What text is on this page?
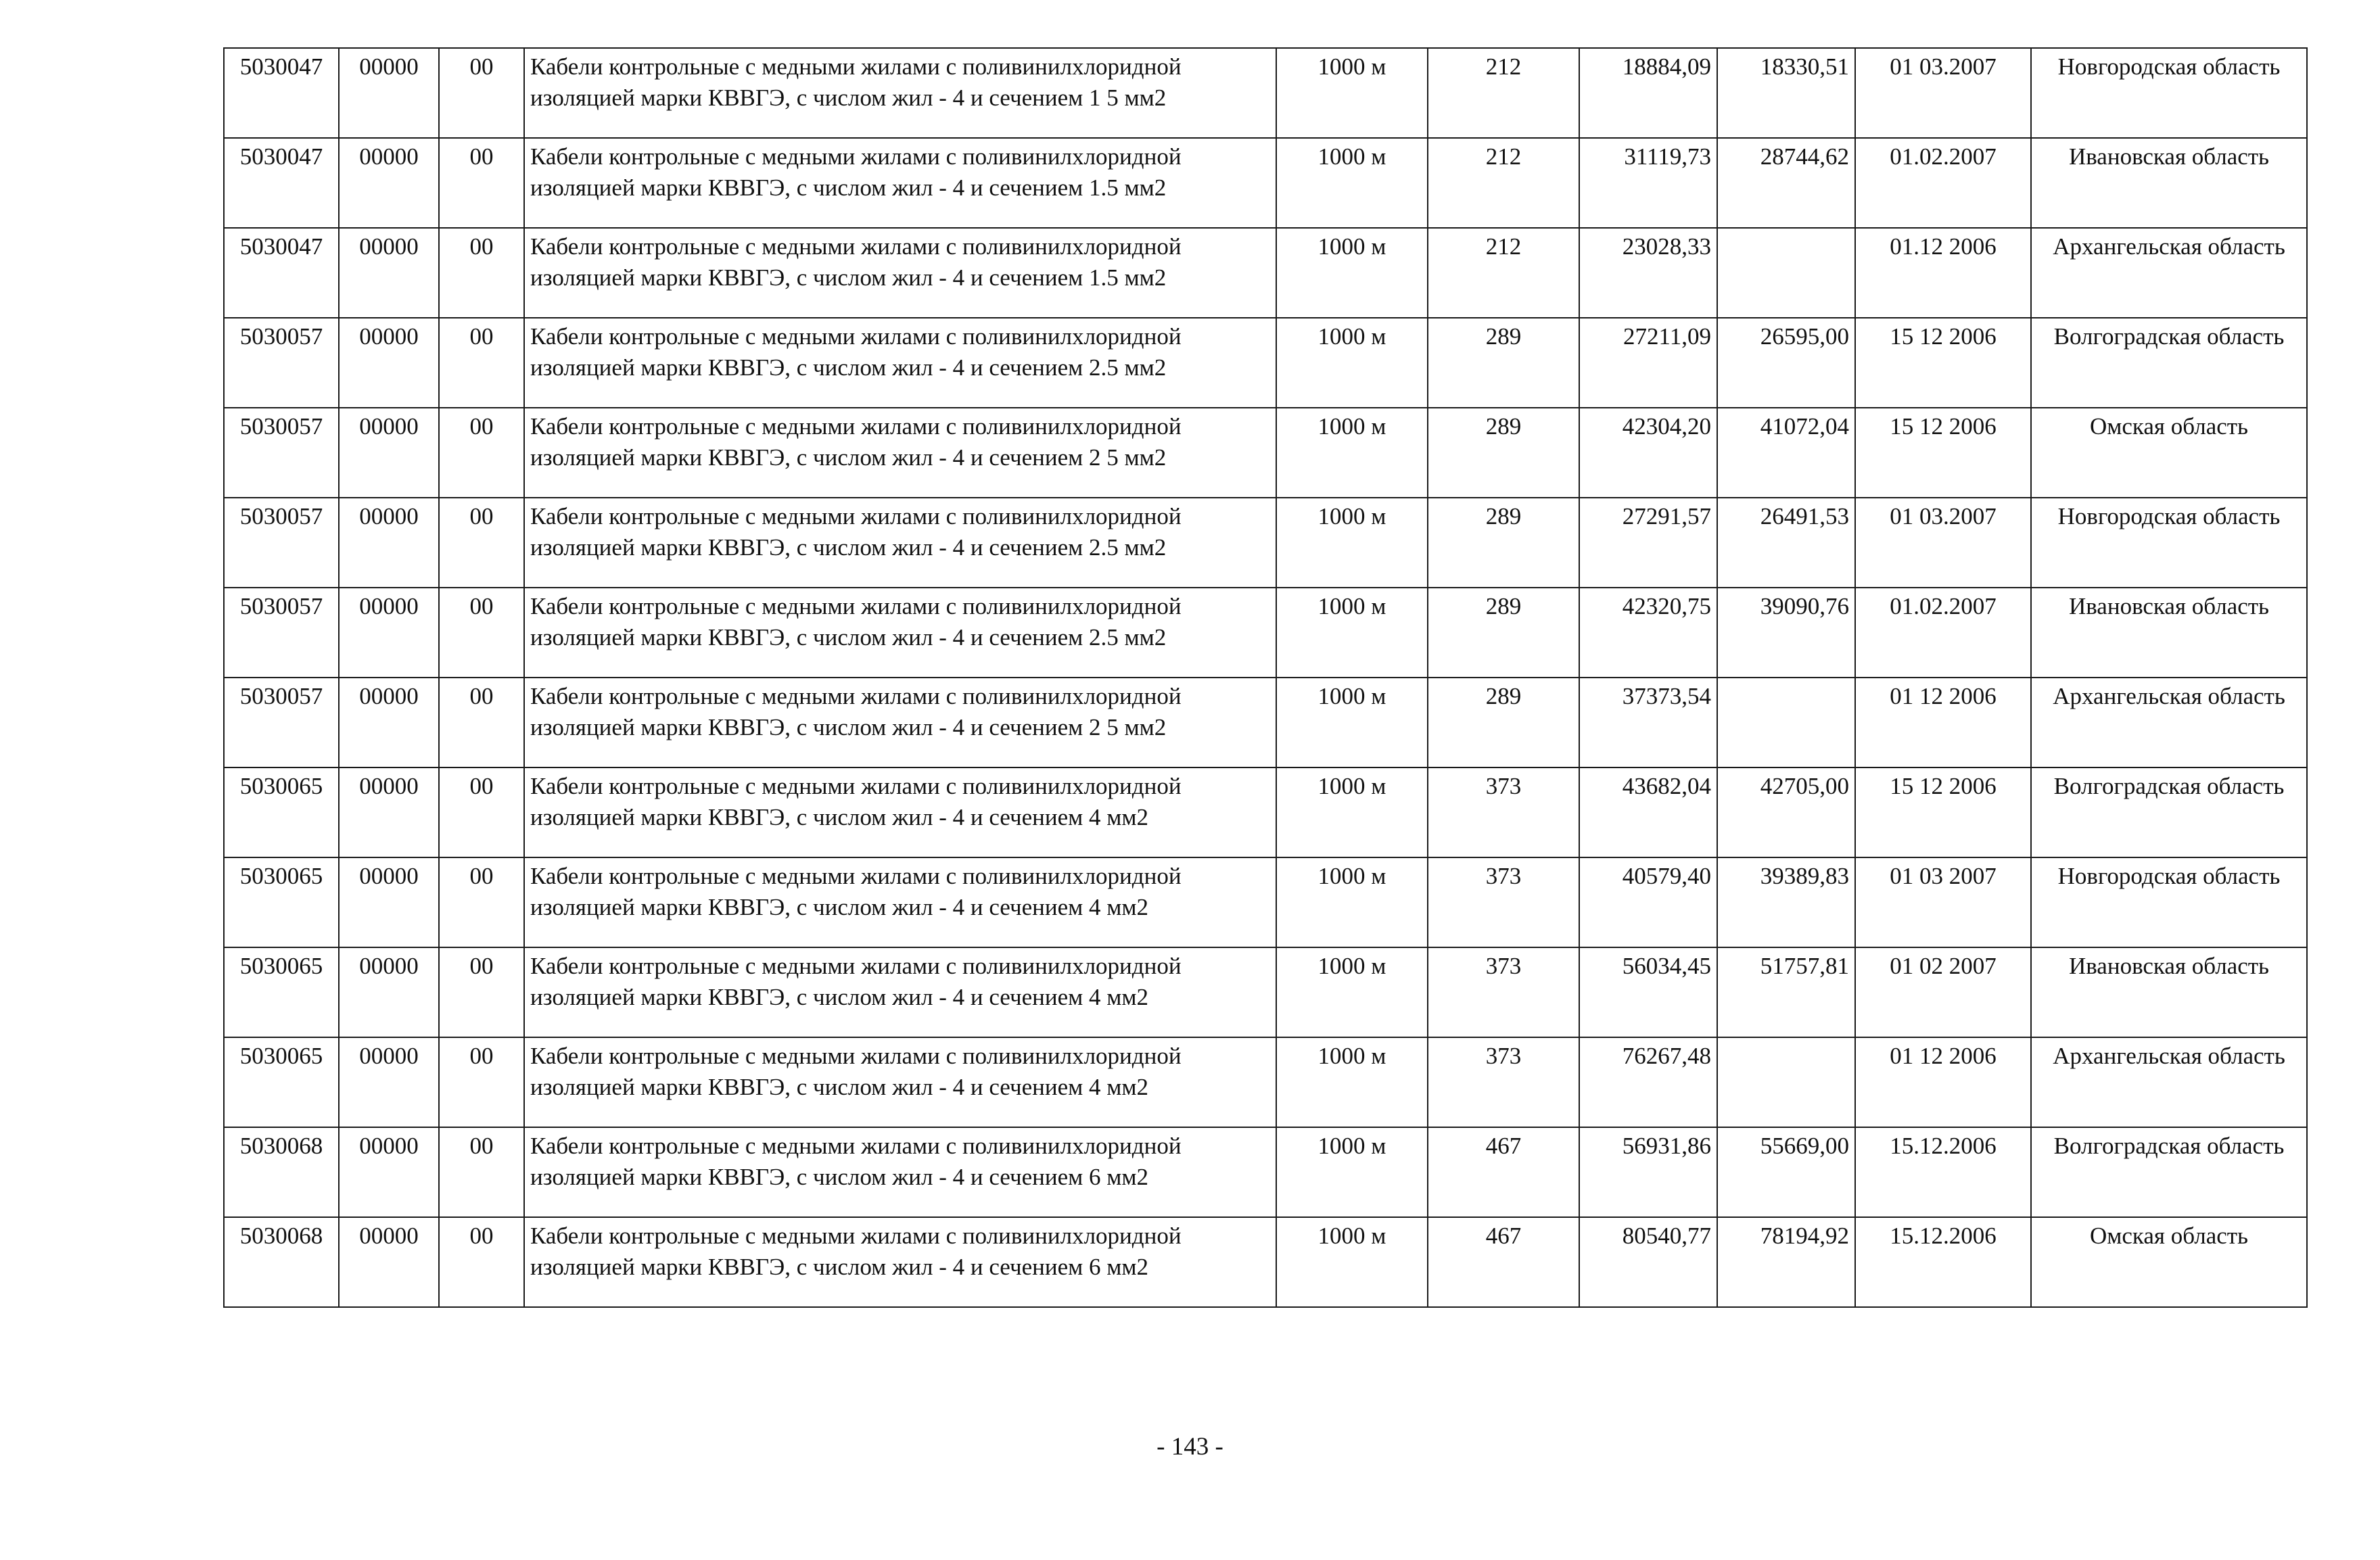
5030047	00000	00	Кабели контрольные с медными жилами с поливинилхлоридной изоляцией марки КВВГЭ, с числом жил - 4 и сечением 1 5 мм2	1000 м	212	18884,09	18330,51	01 03.2007	Новгородская область
5030047	00000	00	Кабели контрольные с медными жилами с поливинилхлоридной изоляцией марки КВВГЭ, с числом жил - 4 и сечением 1.5 мм2	1000 м	212	31119,73	28744,62	01.02.2007	Ивановская область
5030047	00000	00	Кабели контрольные с медными жилами с поливинилхлоридной изоляцией марки КВВГЭ, с числом жил - 4 и сечением 1.5 мм2	1000 м	212	23028,33		01.12 2006	Архангельская область
5030057	00000	00	Кабели контрольные с медными жилами с поливинилхлоридной изоляцией марки КВВГЭ, с числом жил - 4 и сечением 2.5 мм2	1000 м	289	27211,09	26595,00	15 12 2006	Волгоградская область
5030057	00000	00	Кабели контрольные с медными жилами с поливинилхлоридной изоляцией марки КВВГЭ, с числом жил - 4 и сечением 2 5 мм2	1000 м	289	42304,20	41072,04	15 12 2006	Омская область
5030057	00000	00	Кабели контрольные с медными жилами с поливинилхлоридной изоляцией марки КВВГЭ, с числом жил - 4 и сечением 2.5 мм2	1000 м	289	27291,57	26491,53	01 03.2007	Новгородская область
5030057	00000	00	Кабели контрольные с медными жилами с поливинилхлоридной изоляцией марки КВВГЭ, с числом жил - 4 и сечением 2.5 мм2	1000 м	289	42320,75	39090,76	01.02.2007	Ивановская область
5030057	00000	00	Кабели контрольные с медными жилами с поливинилхлоридной изоляцией марки КВВГЭ, с числом жил - 4 и сечением 2 5 мм2	1000 м	289	37373,54		01 12 2006	Архангельская область
5030065	00000	00	Кабели контрольные с медными жилами с поливинилхлоридной изоляцией марки КВВГЭ, с числом жил - 4 и сечением 4 мм2	1000 м	373	43682,04	42705,00	15 12 2006	Волгоградская область
5030065	00000	00	Кабели контрольные с медными жилами с поливинилхлоридной изоляцией марки КВВГЭ, с числом жил - 4 и сечением 4 мм2	1000 м	373	40579,40	39389,83	01 03 2007	Новгородская область
5030065	00000	00	Кабели контрольные с медными жилами с поливинилхлоридной изоляцией марки КВВГЭ, с числом жил - 4 и сечением 4 мм2	1000 м	373	56034,45	51757,81	01 02 2007	Ивановская область
5030065	00000	00	Кабели контрольные с медными жилами с поливинилхлоридной изоляцией марки КВВГЭ, с числом жил - 4 и сечением 4 мм2	1000 м	373	76267,48		01 12 2006	Архангельская область
5030068	00000	00	Кабели контрольные с медными жилами с поливинилхлоридной изоляцией марки КВВГЭ, с числом жил - 4 и сечением 6 мм2	1000 м	467	56931,86	55669,00	15.12.2006	Волгоградская область
5030068	00000	00	Кабели контрольные с медными жилами с поливинилхлоридной изоляцией марки КВВГЭ, с числом жил - 4 и сечением 6 мм2	1000 м	467	80540,77	78194,92	15.12.2006	Омская область
- 143 -
